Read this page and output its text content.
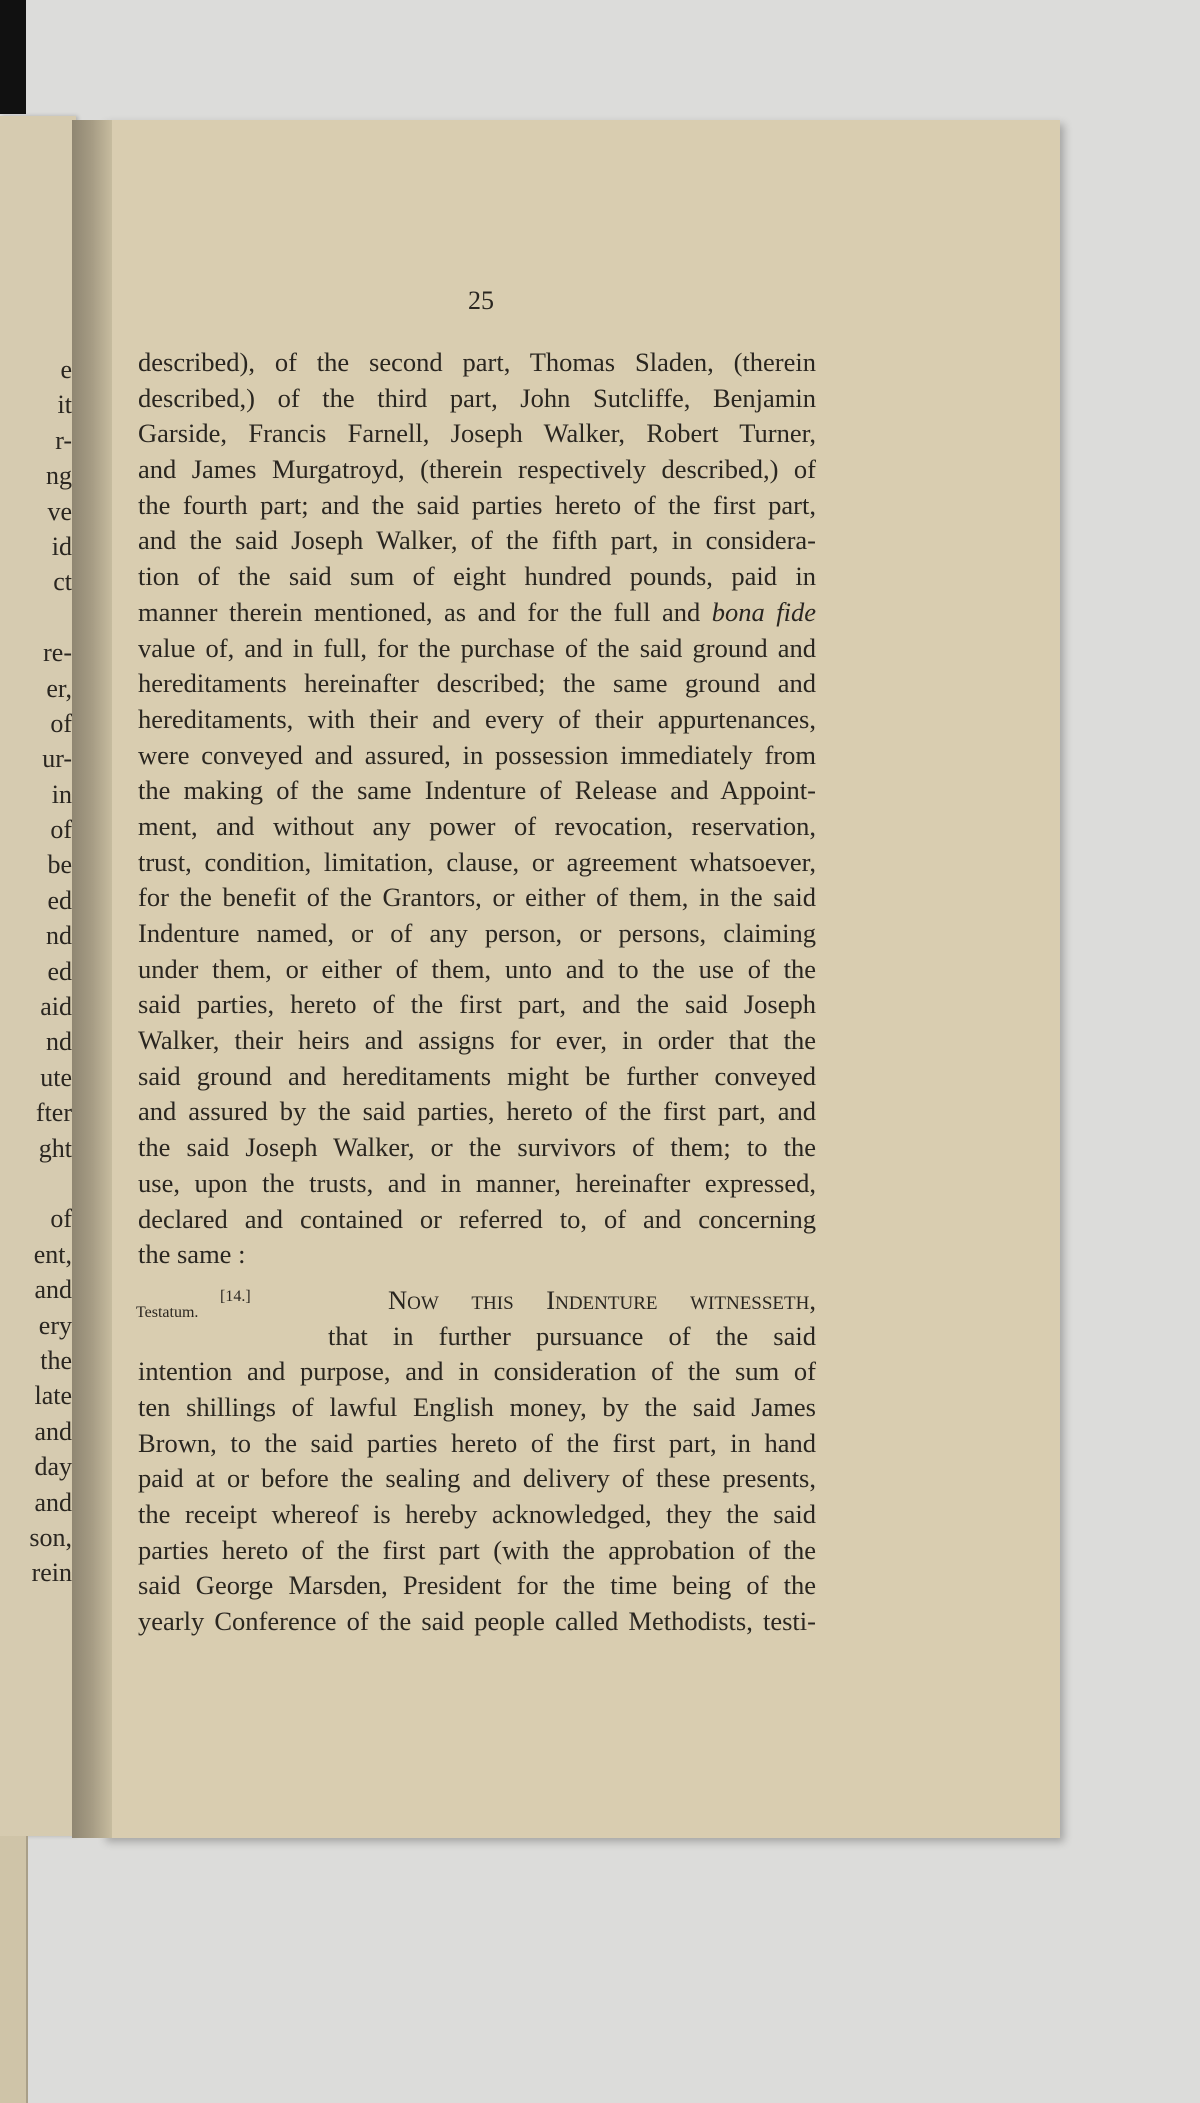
e
it
r-
ng
ve
id
ct
re-
er,
of
ur-
in
of
be
ed
nd
ed
aid
nd
ute
fter
ght
of
ent,
and
ery
the
late
and
day
and
son,
rein
25
described), of the second part, Thomas Sladen, (therein
described,) of the third part, John Sutcliffe, Benjamin
Garside, Francis Farnell, Joseph Walker, Robert Turner,
and James Murgatroyd, (therein respectively described,) of
the fourth part; and the said parties hereto of the first part,
and the said Joseph Walker, of the fifth part, in considera-
tion of the said sum of eight hundred pounds, paid in
manner therein mentioned, as and for the full and bona fide
value of, and in full, for the purchase of the said ground and
hereditaments hereinafter described; the same ground and
hereditaments, with their and every of their appurtenances,
were conveyed and assured, in possession immediately from
the making of the same Indenture of Release and Appoint-
ment, and without any power of revocation, reservation,
trust, condition, limitation, clause, or agreement whatsoever,
for the benefit of the Grantors, or either of them, in the said
Indenture named, or of any person, or persons, claiming
under them, or either of them, unto and to the use of the
said parties, hereto of the first part, and the said Joseph
Walker, their heirs and assigns for ever, in order that the
said ground and hereditaments might be further conveyed
and assured by the said parties, hereto of the first part, and
the said Joseph Walker, or the survivors of them; to the
use, upon the trusts, and in manner, hereinafter expressed,
declared and contained or referred to, of and concerning
the same :
[14.]
Testatum.	Now this Indenture witnesseth,
that in further pursuance of the said
intention and purpose, and in consideration of the sum of
ten shillings of lawful English money, by the said James
Brown, to the said parties hereto of the first part, in hand
paid at or before the sealing and delivery of these presents,
the receipt whereof is hereby acknowledged, they the said
parties hereto of the first part (with the approbation of the
said George Marsden, President for the time being of the
yearly Conference of the said people called Methodists, testi-
